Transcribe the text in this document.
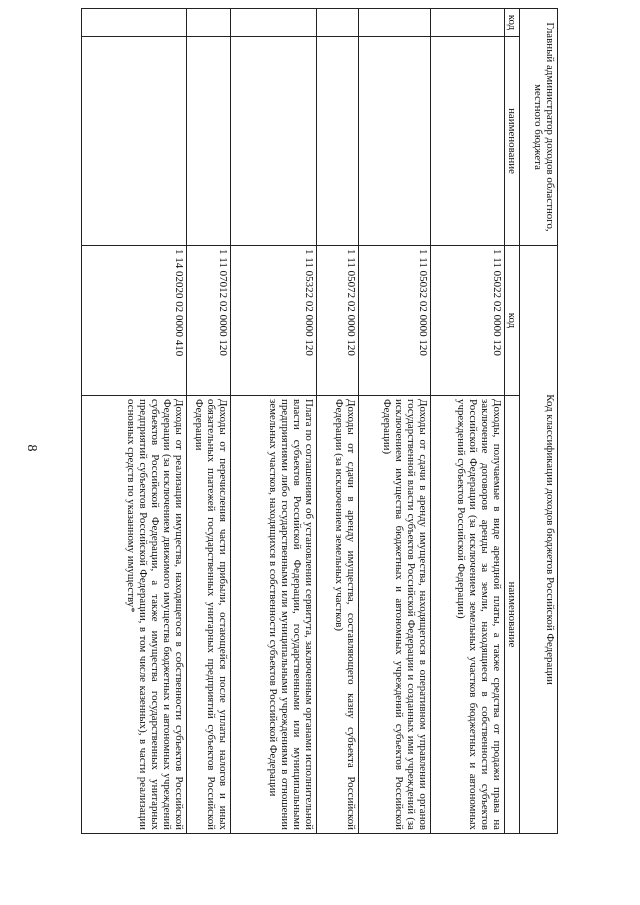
8
Главный администратор доходов областного, местного бюджета		Код классификации доходов бюджетов Российской Федерации	
код	наименование	код	наименование
		1 11 05022 02 0000 120	Доходы, получаемые в виде арендной платы, а также средства от продажи права на заключение договоров аренды за земли, находящиеся в собственности субъектов Российской Федерации (за исключением земельных участков бюджетных и автономных учреждений субъектов Российской Федерации)
		1 11 05032 02 0000 120	Доходы от сдачи в аренду имущества, находящегося в оперативном управлении органов государственной власти субъектов Российской Федерации и созданных ими учреждений (за исключением имущества бюджетных и автономных учреждений субъектов Российской Федерации)
		1 11 05072 02 0000 120	Доходы от сдачи в аренду имущества, составляющего казну субъекта Российской Федерации (за исключением земельных участков)
		1 11 05322 02 0000 120	Плата по соглашениям об установлении сервитута, заключенным органами исполнительной власти субъектов Российской Федерации, государственными или муниципальными предприятиями либо государственными или муниципальными учреждениями в отношении земельных участков, находящихся в собственности субъектов Российской Федерации
		1 11 07012 02 0000 120	Доходы от перечисления части прибыли, остающейся после уплаты налогов и иных обязательных платежей государственных унитарных предприятий субъектов Российской Федерации
		1 14 02020 02 0000 410	Доходы от реализации имущества, находящегося в собственности субъектов Российской Федерации (за исключением движимого имущества бюджетных и автономных учреждений субъектов Российской Федерации, а также имущества государственных унитарных предприятий субъектов Российской Федерации, в том числе казенных), в части реализации основных средств по указанному имуществу*
